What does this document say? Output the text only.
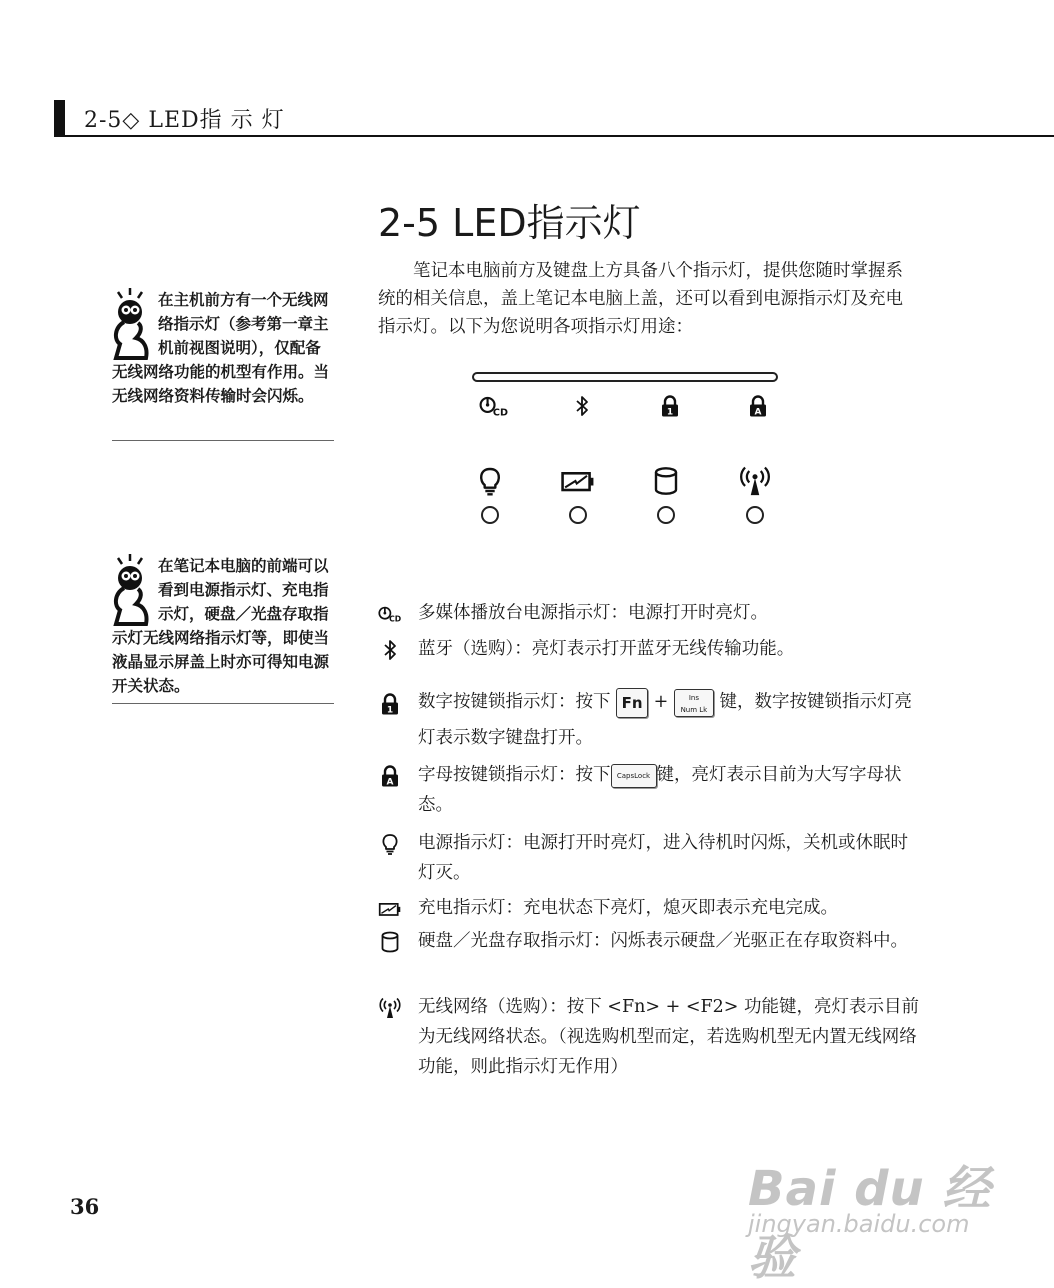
2-5◇ LED指 示 灯
2-5 LED指示灯
笔记本电脑前方及键盘上方具备八个指示灯，提供您随时掌握系统的相关信息，盖上笔记本电脑上盖，还可以看到电源指示灯及充电指示灯。以下为您说明各项指示灯用途：
在主机前方有一个无线网络指示灯（参考第一章主机前视图说明），仅配备无线网络功能的机型有作用。当无线网络资料传输时会闪烁。
在笔记本电脑的前端可以看到电源指示灯、充电指示灯，硬盘／光盘存取指示灯无线网络指示灯等，即使当液晶显示屏盖上时亦可得知电源开关状态。
多媒体播放台电源指示灯：电源打开时亮灯。
蓝牙（选购）：亮灯表示打开蓝牙无线传输功能。
数字按键锁指示灯：按下 Fn +	Ins
Num Lk 键，数字按键锁指示灯亮灯表示数字键盘打开。
字母按键锁指示灯：按下 CapsLock 键，亮灯表示目前为大写字母状态。
电源指示灯：电源打开时亮灯，进入待机时闪烁，关机或休眠时灯灭。
充电指示灯：充电状态下亮灯，熄灭即表示充电完成。
硬盘／光盘存取指示灯：闪烁表示硬盘／光驱正在存取资料中。
无线网络（选购）：按下 <Fn> + <F2> 功能键，亮灯表示目前为无线网络状态。（视选购机型而定，若选购机型无内置无线网络功能，则此指示灯无作用）
36	Bai du 经验
jingyan.baidu.com
